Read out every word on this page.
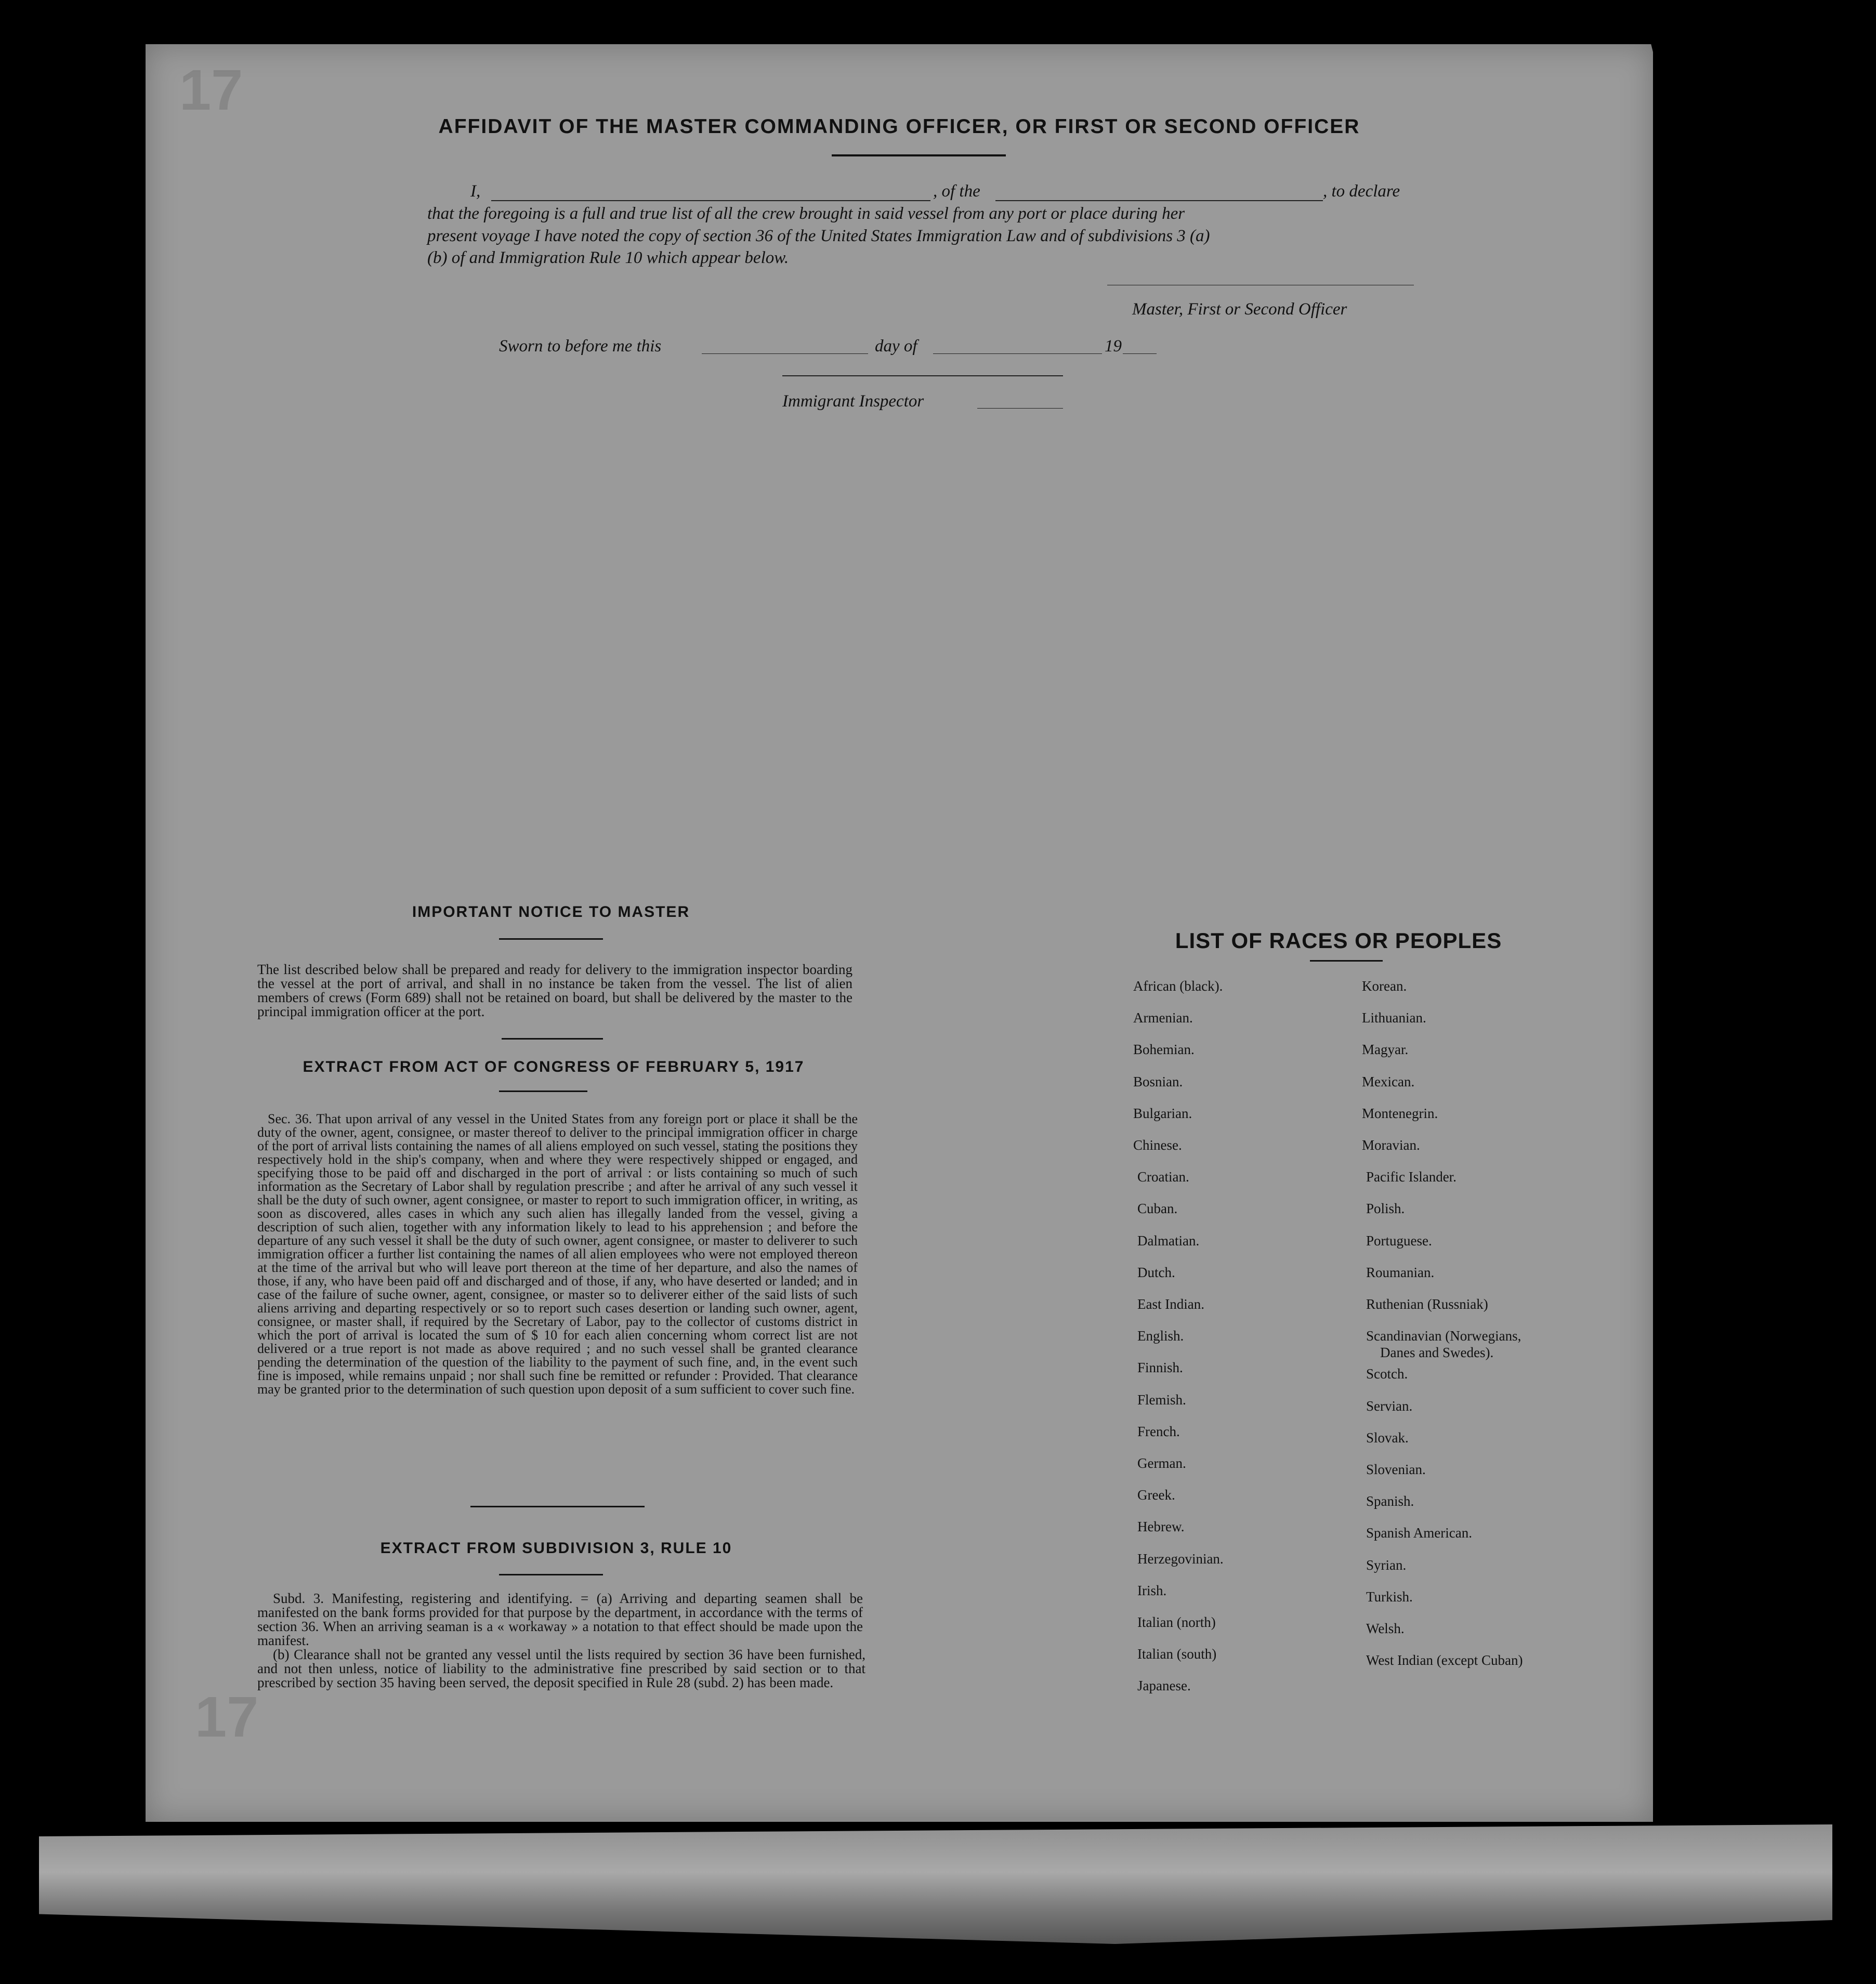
17
17
AFFIDAVIT OF THE MASTER COMMANDING OFFICER, OR FIRST OR SECOND OFFICER
I,	, of the	, to declare
that the foregoing is a full and true list of all the crew brought in said vessel from any port or place during her
present voyage I have noted the copy of section 36 of the United States Immigration Law and of subdivisions 3 (a)
(b) of and Immigration Rule 10 which appear below.
Master, First or Second Officer
Sworn to before me this	day of	19
Immigrant Inspector
IMPORTANT NOTICE TO MASTER
The list described below shall be prepared and ready for delivery to the immigration inspector boarding the vessel at the port of arrival, and shall in no instance be taken from the vessel. The list of alien members of crews (Form 689) shall not be retained on board, but shall be delivered by the master to the principal immigration officer at the port.
EXTRACT FROM ACT OF CONGRESS OF FEBRUARY 5, 1917
Sec. 36. That upon arrival of any vessel in the United States from any foreign port or place it shall be the duty of the owner, agent, consignee, or master thereof to deliver to the principal immigration officer in charge of the port of arrival lists containing the names of all aliens employed on such vessel, stating the positions they respectively hold in the ship's company, when and where they were respectively shipped or engaged, and specifying those to be paid off and discharged in the port of arrival : or lists containing so much of such information as the Secretary of Labor shall by regulation prescribe ; and after he arrival of any such vessel it shall be the duty of such owner, agent consignee, or master to report to such immigration officer, in writing, as soon as discovered, alles cases in which any such alien has illegally landed from the vessel, giving a description of such alien, together with any information likely to lead to his apprehension ; and before the departure of any such vessel it shall be the duty of such owner, agent consignee, or master to deliverer to such immigration officer a further list containing the names of all alien employees who were not employed thereon at the time of the arrival but who will leave port thereon at the time of her departure, and also the names of those, if any, who have been paid off and discharged and of those, if any, who have deserted or landed; and in case of the failure of suche owner, agent, consignee, or master so to deliverer either of the said lists of such aliens arriving and departing respectively or so to report such cases desertion or landing such owner, agent, consignee, or master shall, if required by the Secretary of Labor, pay to the collector of customs district in which the port of arrival is located the sum of $ 10 for each alien concerning whom correct list are not delivered or a true report is not made as above required ; and no such vessel shall be granted clearance pending the determination of the question of the liability to the payment of such fine, and, in the event such fine is imposed, while remains unpaid ; nor shall such fine be remitted or refunder : Provided. That clearance may be granted prior to the determination of such question upon deposit of a sum sufficient to cover such fine.
EXTRACT FROM SUBDIVISION 3, RULE 10
Subd. 3. Manifesting, registering and identifying. = (a) Arriving and departing seamen shall be manifested on the bank forms provided for that purpose by the department, in accordance with the terms of section 36. When an arriving seaman is a « workaway » a notation to that effect should be made upon the manifest.
(b) Clearance shall not be granted any vessel until the lists required by section 36 have been furnished, and not then unless, notice of liability to the administrative fine prescribed by said section or to that prescribed by section 35 having been served, the deposit specified in Rule 28 (subd. 2) has been made.
LIST OF RACES OR PEOPLES
African (black).
Armenian.
Bohemian.
Bosnian.
Bulgarian.
Chinese.
Croatian.
Cuban.
Dalmatian.
Dutch.
East Indian.
English.
Finnish.
Flemish.
French.
German.
Greek.
Hebrew.
Herzegovinian.
Irish.
Italian (north)
Italian (south)
Japanese.
Korean.
Lithuanian.
Magyar.
Mexican.
Montenegrin.
Moravian.
Pacific Islander.
Polish.
Portuguese.
Roumanian.
Ruthenian (Russniak)
Scandinavian (Norwegians,
Danes and Swedes).
Scotch.
Servian.
Slovak.
Slovenian.
Spanish.
Spanish American.
Syrian.
Turkish.
Welsh.
West Indian (except Cuban)
